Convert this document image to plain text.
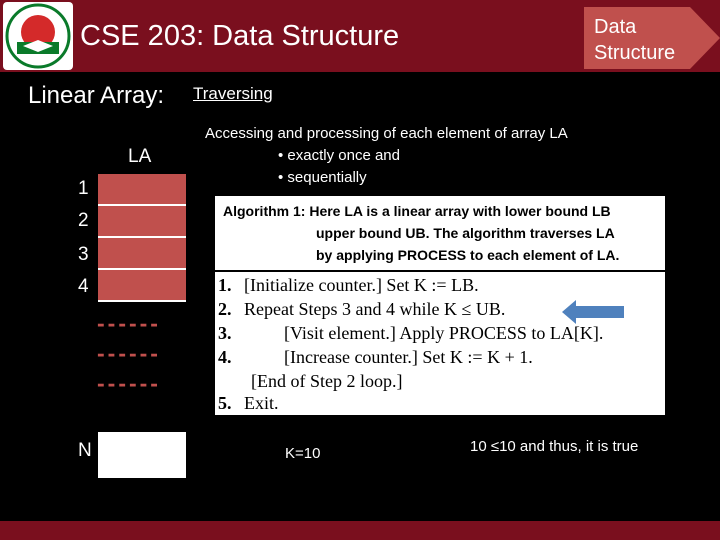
CSE 203: Data Structure	Data
Structure
Linear Array: Traversing
Accessing and processing of each element of array LA
• exactly once and
• sequentially
LA
1
2
3
4
------
------
------
N
Algorithm 1: Here LA is a linear array with lower bound LB
upper bound UB. The algorithm traverses LA
by applying PROCESS to each element of LA.
1. [Initialize counter.] Set K := LB.
2. Repeat Steps 3 and 4 while K ≤ UB.
3.	[Visit element.] Apply PROCESS to LA[K].
4.	[Increase counter.] Set K := K + 1.
[End of Step 2 loop.]
5. Exit.
K=10	10 ≤10 and thus, it is true
